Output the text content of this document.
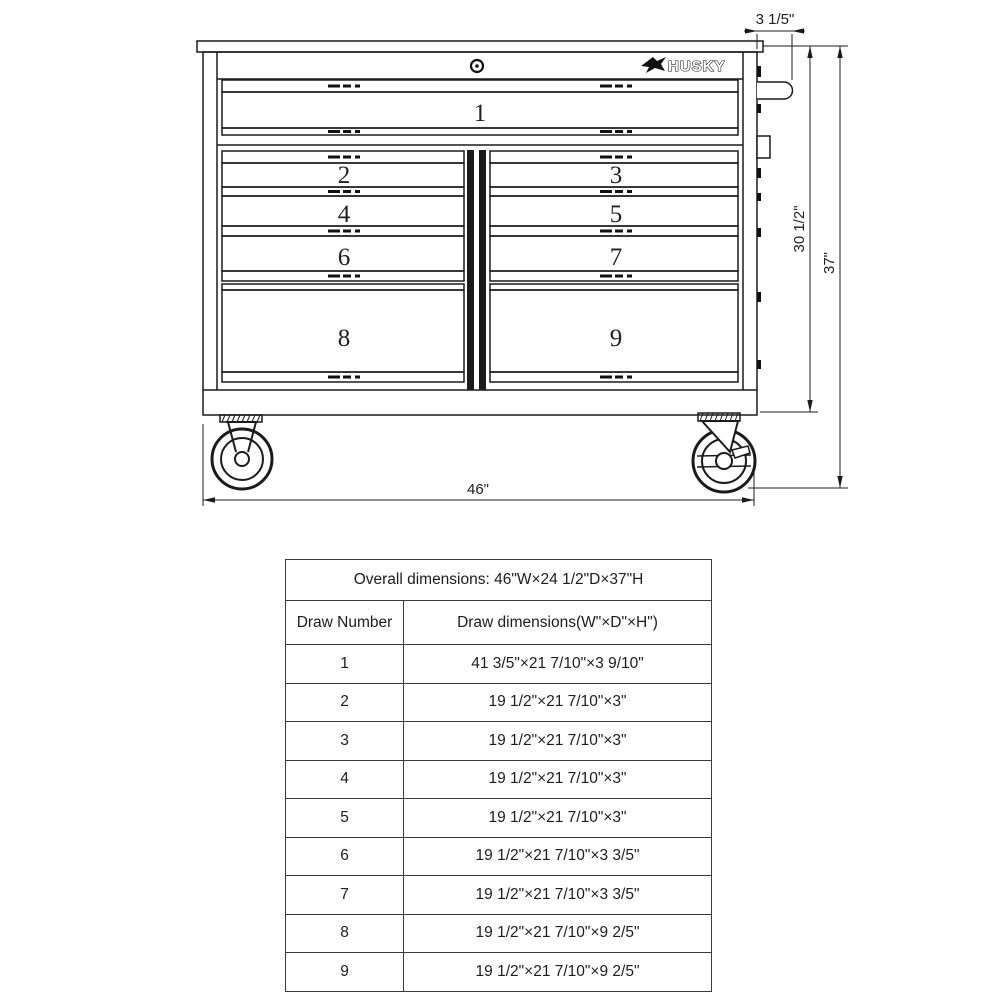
HUSKY
1
2
4
6
8
3
5
7
9
3 1/5"
30 1/2"
37"
46"
Overall dimensions: 46"W×24 1/2"D×37"H	
Draw Number	Draw dimensions(W"×D"×H")
1	41 3/5"×21 7/10"×3 9/10"
2	19 1/2"×21 7/10"×3"
3	19 1/2"×21 7/10"×3"
4	19 1/2"×21 7/10"×3"
5	19 1/2"×21 7/10"×3"
6	19 1/2"×21 7/10"×3 3/5"
7	19 1/2"×21 7/10"×3 3/5"
8	19 1/2"×21 7/10"×9 2/5"
9	19 1/2"×21 7/10"×9 2/5"
